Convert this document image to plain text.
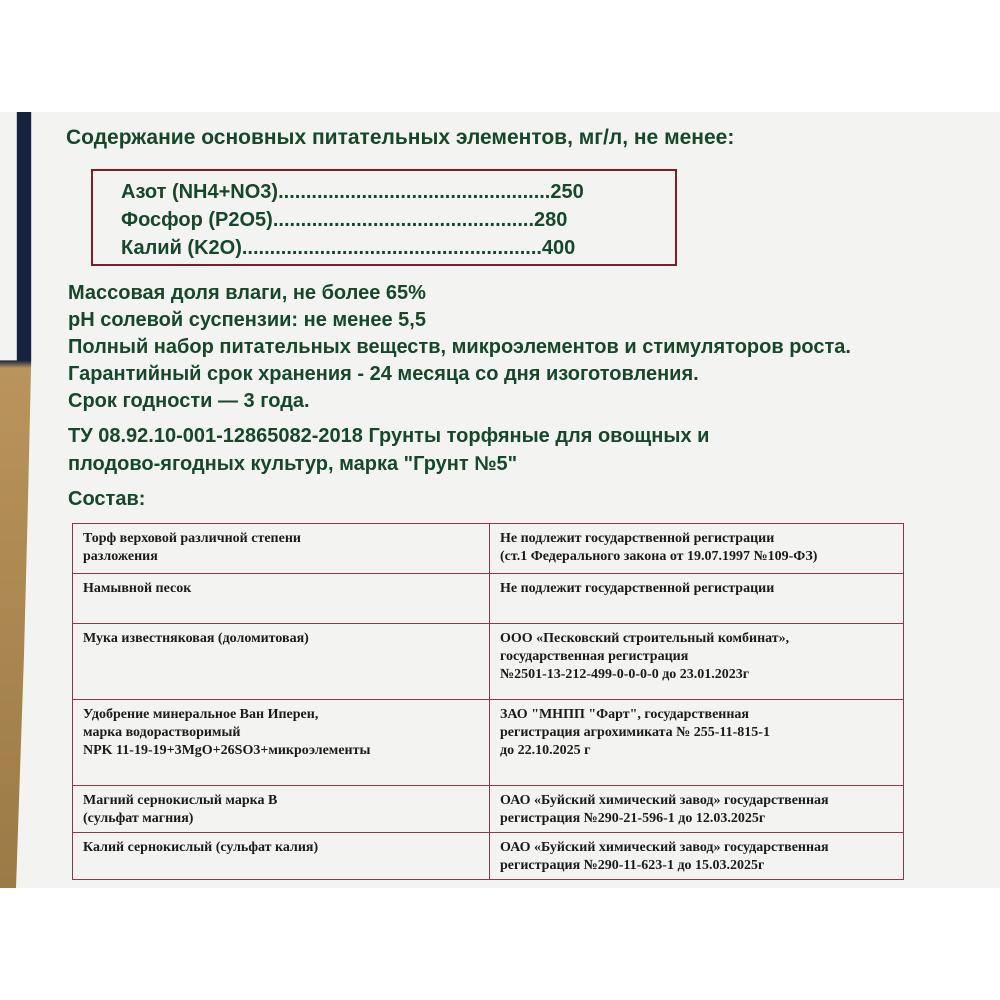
Содержание основных питательных элементов, мг/л, не менее:
Азот (NH4+NO3).................................................250
Фосфор (P2O5)...............................................280
Калий (K2O)......................................................400
Массовая доля влаги, не более 65%
рН солевой суспензии: не менее 5,5
Полный набор питательных веществ, микроэлементов и стимуляторов роста.
Гарантийный срок хранения - 24 месяца со дня изоготовления.
Срок годности — 3 года.
ТУ 08.92.10-001-12865082-2018 Грунты торфяные для овощных и
плодово-ягодных культур, марка "Грунт №5"
Состав:
Торф верховой различной степени
разложения	Не подлежит государственной регистрации
(ст.1 Федерального закона от 19.07.1997 №109-ФЗ)

Намывной песок	Не подлежит государственной регистрации

Мука известняковая (доломитовая)	ООО «Песковский строительный комбинат»,
государственная регистрация
№2501-13-212-499-0-0-0-0 до 23.01.2023г

Удобрение минеральное Ван Иперен,
марка водорастворимый
NPK 11-19-19+3MgO+26SO3+микроэлементы	ЗАО "МНПП "Фарт", государственная
регистрация агрохимиката № 255-11-815-1
до 22.10.2025 г

Магний сернокислый марка В
(сульфат магния)	ОАО «Буйский химический завод» государственная
регистрация №290-21-596-1 до 12.03.2025г

Калий сернокислый (сульфат калия)	ОАО «Буйский химический завод» государственная
регистрация №290-11-623-1 до 15.03.2025г
